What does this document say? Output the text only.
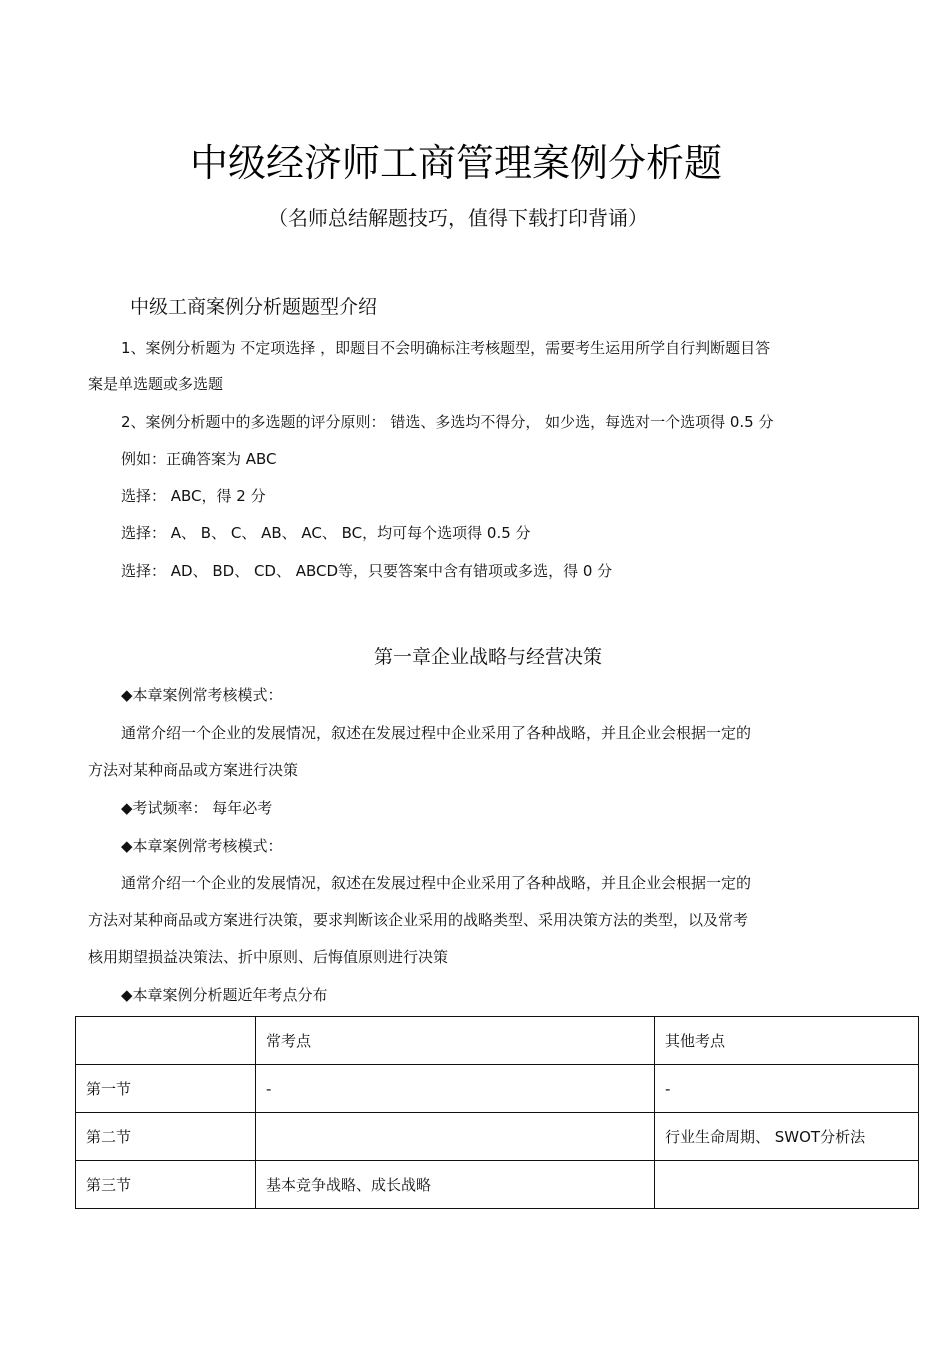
中级经济师工商管理案例分析题
（名师总结解题技巧，值得下载打印背诵）
中级工商案例分析题题型介绍
1、案例分析题为 不定项选择 ，即题目不会明确标注考核题型，需要考生运用所学自行判断题目答
案是单选题或多选题
2、案例分析题中的多选题的评分原则： 错选、多选均不得分， 如少选，每选对一个选项得 0.5 分
例如：正确答案为 ABC
选择： ABC，得 2 分
选择： A、 B、 C、 AB、 AC、 BC，均可每个选项得 0.5 分
选择： AD、 BD、 CD、 ABCD等，只要答案中含有错项或多选，得 0 分
第一章企业战略与经营决策
◆本章案例常考核模式：
通常介绍一个企业的发展情况，叙述在发展过程中企业采用了各种战略，并且企业会根据一定的
方法对某种商品或方案进行决策
◆考试频率： 每年必考
◆本章案例常考核模式：
通常介绍一个企业的发展情况，叙述在发展过程中企业采用了各种战略，并且企业会根据一定的
方法对某种商品或方案进行决策，要求判断该企业采用的战略类型、采用决策方法的类型，以及常考
核用期望损益决策法、折中原则、后悔值原则进行决策
◆本章案例分析题近年考点分布
	常考点	其他考点
第一节	-	-
第二节		行业生命周期、 SWOT分析法
第三节	基本竞争战略、成长战略	
